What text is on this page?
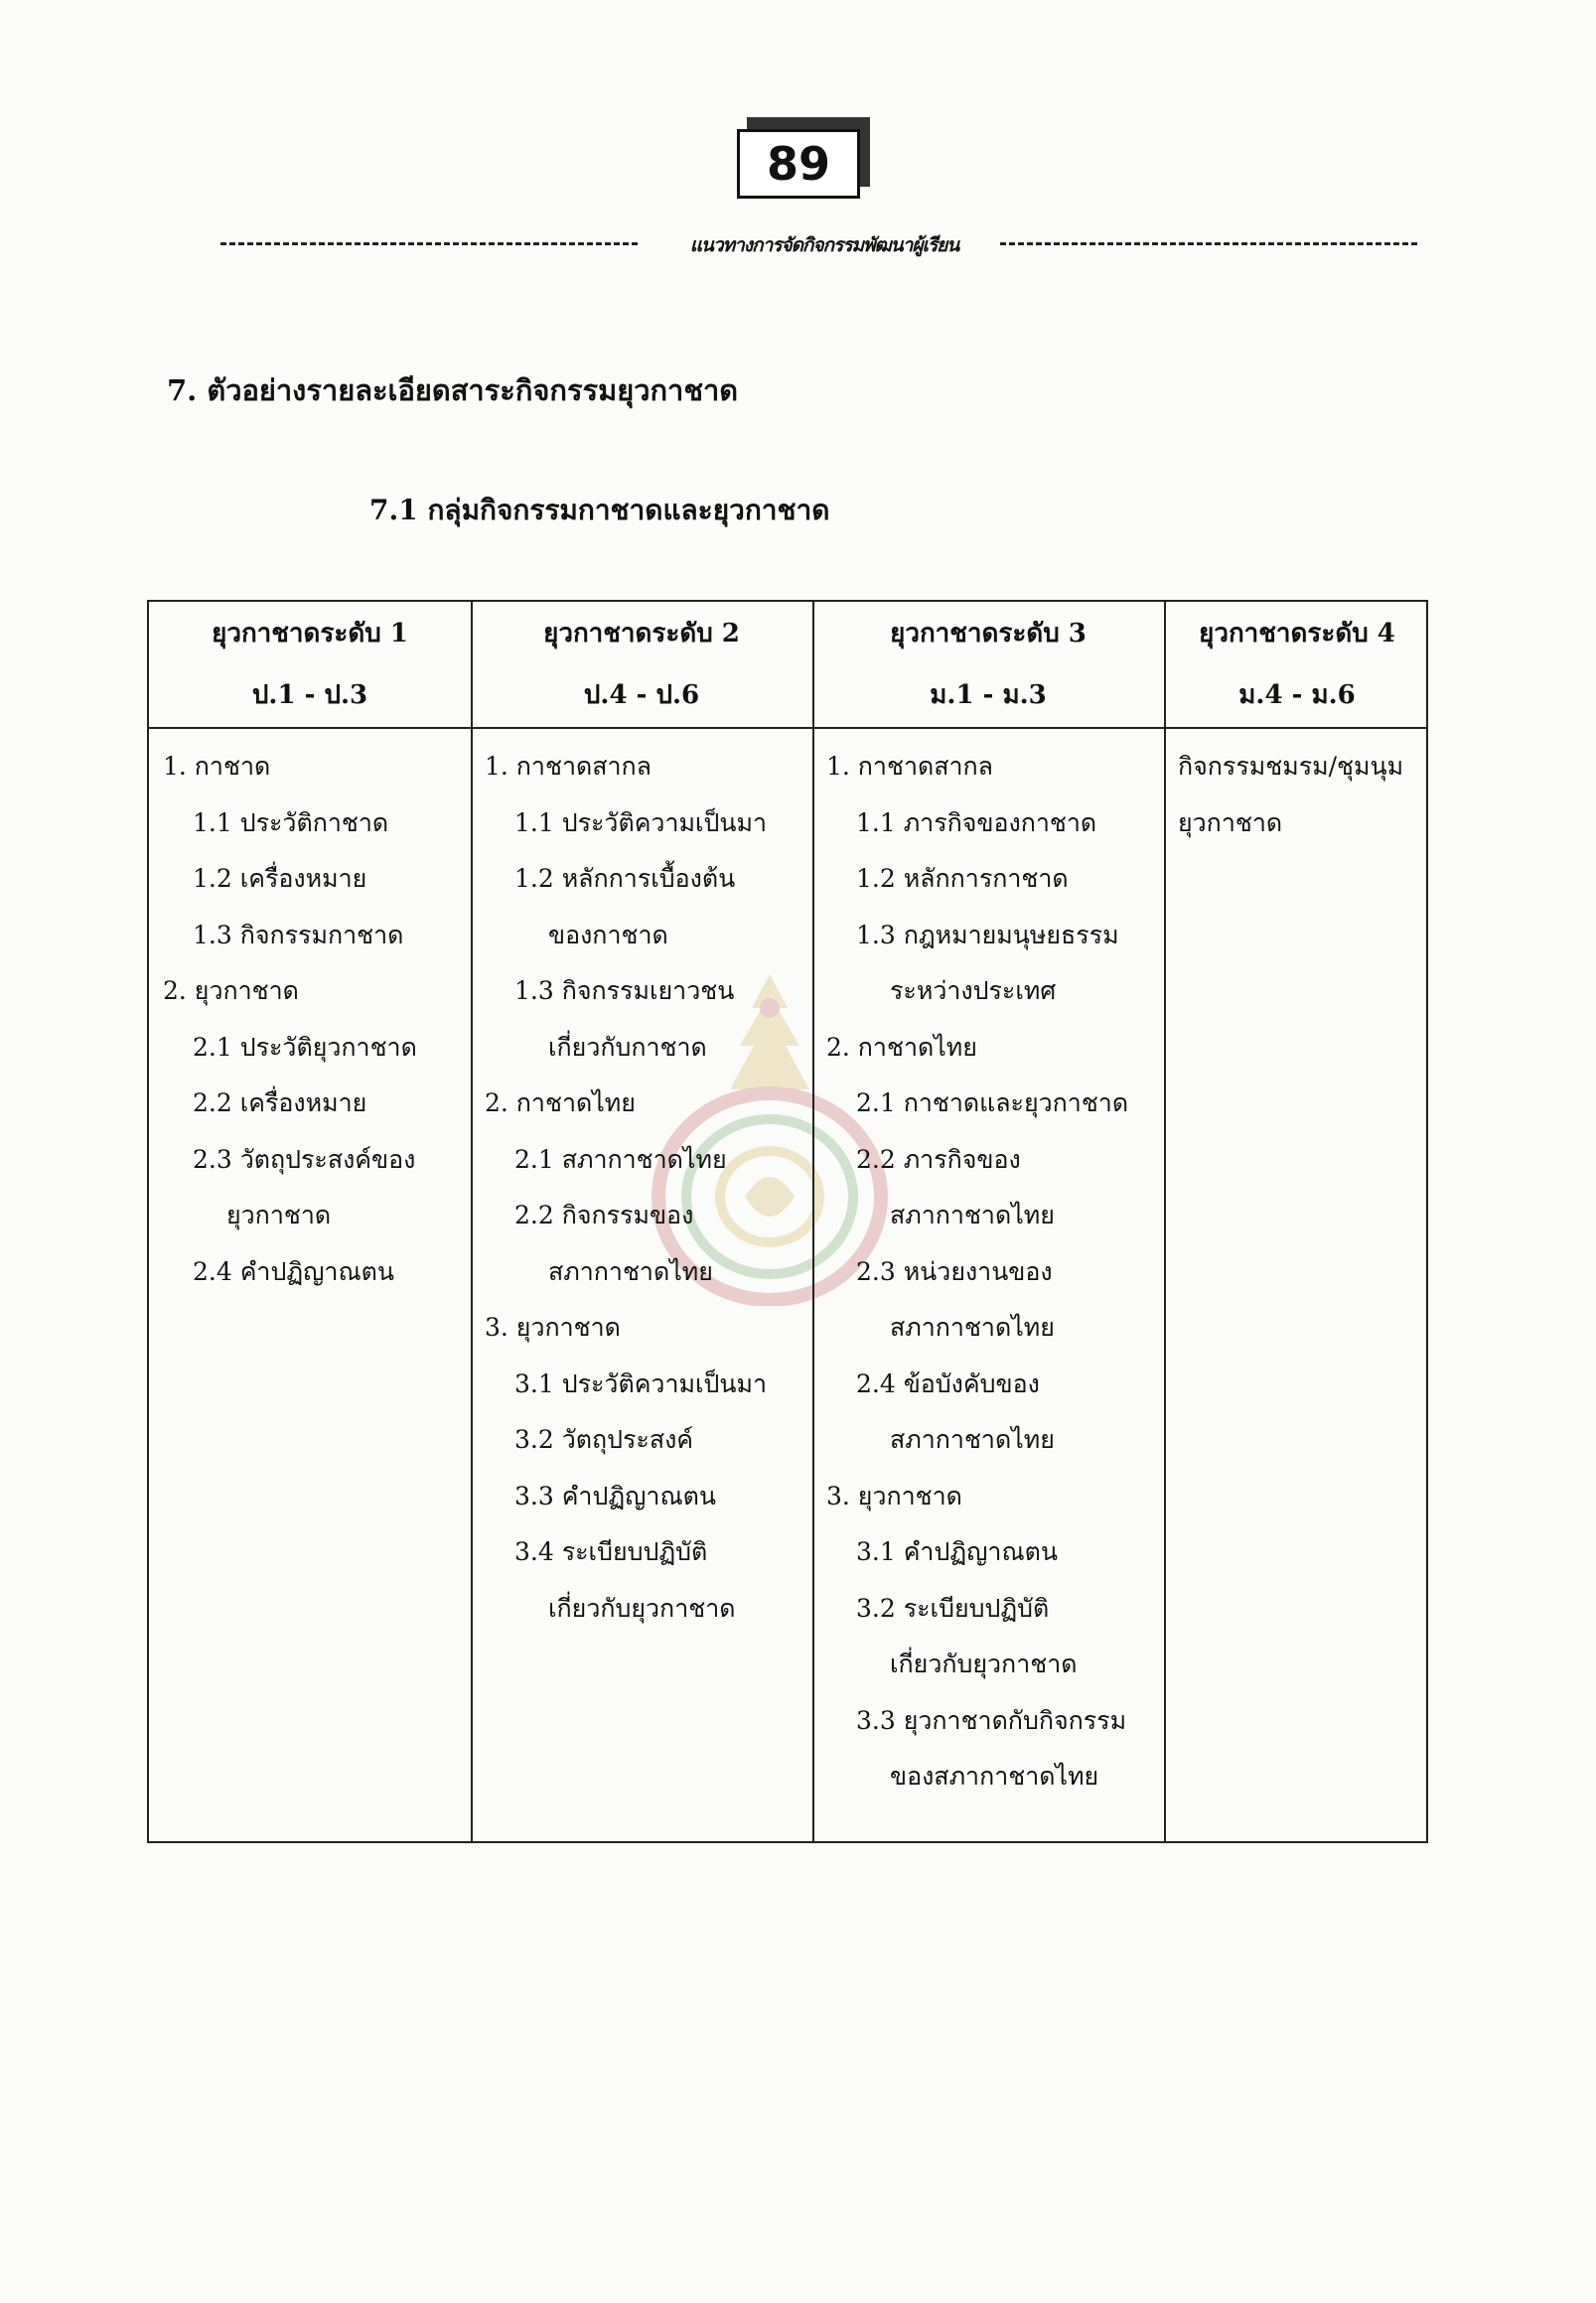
89
แนวทางการจัดกิจกรรมพัฒนาผู้เรียน
7. ตัวอย่างรายละเอียดสาระกิจกรรมยุวกาชาด
7.1 กลุ่มกิจกรรมกาชาดและยุวกาชาด
ยุวกาชาดระดับ 1
ป.1 - ป.3
1. กาชาด
1.1 ประวัติกาชาด
1.2 เครื่องหมาย
1.3 กิจกรรมกาชาด
2. ยุวกาชาด
2.1 ประวัติยุวกาชาด
2.2 เครื่องหมาย
2.3 วัตถุประสงค์ของ
ยุวกาชาด
2.4 คำปฏิญาณตน
ยุวกาชาดระดับ 2
ป.4 - ป.6
1. กาชาดสากล
1.1 ประวัติความเป็นมา
1.2 หลักการเบื้องต้น
ของกาชาด
1.3 กิจกรรมเยาวชน
เกี่ยวกับกาชาด
2. กาชาดไทย
2.1 สภากาชาดไทย
2.2 กิจกรรมของ
สภากาชาดไทย
3. ยุวกาชาด
3.1 ประวัติความเป็นมา
3.2 วัตถุประสงค์
3.3 คำปฏิญาณตน
3.4 ระเบียบปฏิบัติ
เกี่ยวกับยุวกาชาด
ยุวกาชาดระดับ 3
ม.1 - ม.3
1. กาชาดสากล
1.1 ภารกิจของกาชาด
1.2 หลักการกาชาด
1.3 กฎหมายมนุษยธรรม
ระหว่างประเทศ
2. กาชาดไทย
2.1 กาชาดและยุวกาชาด
2.2 ภารกิจของ
สภากาชาดไทย
2.3 หน่วยงานของ
สภากาชาดไทย
2.4 ข้อบังคับของ
สภากาชาดไทย
3. ยุวกาชาด
3.1 คำปฏิญาณตน
3.2 ระเบียบปฏิบัติ
เกี่ยวกับยุวกาชาด
3.3 ยุวกาชาดกับกิจกรรม
ของสภากาชาดไทย
ยุวกาชาดระดับ 4
ม.4 - ม.6
กิจกรรมชมรม/ชุมนุม
ยุวกาชาด
